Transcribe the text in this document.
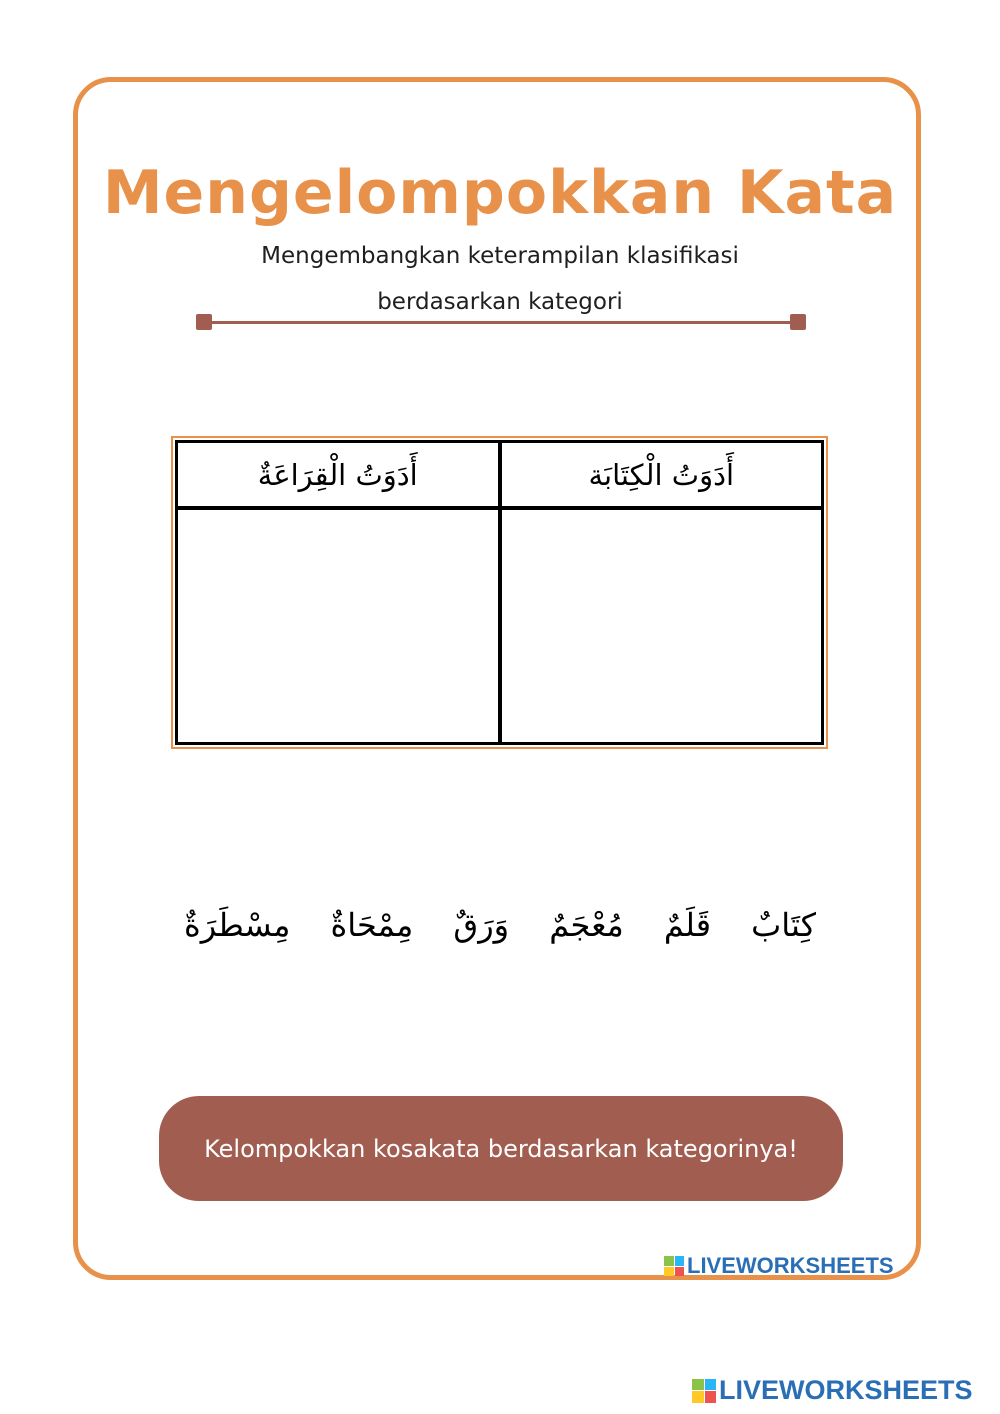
Mengelompokkan Kata
Mengembangkan keterampilan klasifikasi
berdasarkan kategori
أَدَوَتُ الْكِتَابَة
أَدَوَتُ الْقِرَاعَةٌ
كِتَابٌ
قَلَمٌ
مُعْجَمٌ
وَرَقٌ
مِمْحَاةٌ
مِسْطَرَةٌ
Kelompokkan kosakata berdasarkan kategorinya!
LIVEWORKSHEETS
LIVEWORKSHEETS
